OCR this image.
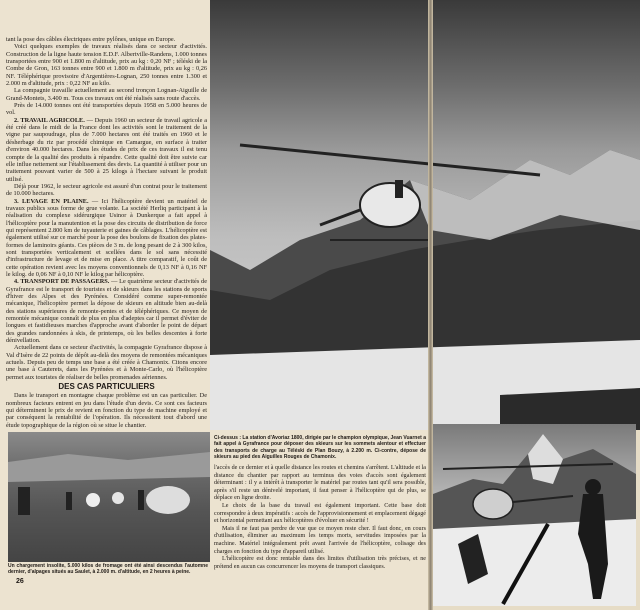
tant la pose des câbles électriques entre pylônes, unique en Europe.

Voici quelques exemples de travaux réalisés dans ce secteur d'activités. Construction de la ligne haute tension E.D.F. Albertville-Randens, 1.000 tonnes transportées entre 900 et 1.800 m d'altitude, prix au kg : 0,20 NF ; téléski de la Combe de Gron, 163 tonnes entre 900 et 1.800 m d'altitude, prix au kg : 0,26 NF. Téléphérique provisoire d'Argentières-Lognan, 250 tonnes entre 1.300 et 2.000 m d'altitude, prix : 0,22 NF au kilo.

La compagnie travaille actuellement au second tronçon Lognan-Aiguille de Grand-Montets, 3.400 m. Tous ces travaux ont été réalisés sans route d'accès.

Près de 14.000 tonnes ont été transportées depuis 1958 en 5.000 heures de vol.

2. TRAVAIL AGRICOLE. — Depuis 1960 un secteur de travail agricole a été créé dans le midi de la France dont les activités sont le traitement de la vigne par saupoudrage, plus de 7.000 hectares ont été traités en 1960 et le désherbage du riz par procédé chimique en Camargue, en surface à traiter d'environ 40.000 hectares. Dans les études de prix de ces travaux il est tenu compte de la qualité des produits à répandre. Cette qualité doit être suivie car elle influe nettement sur l'établissement des devis. La quantité à utiliser pour un traitement pouvant varier de 500 à 25 kilogs à l'hectare suivant le produit utilisé.

Déjà pour 1962, le secteur agricole est assuré d'un contrat pour le traitement de 10.000 hectares.

3. LEVAGE EN PLAINE. — Ici l'hélicoptère devient un matériel de travaux publics sous forme de grue volante. La société Herliq participant à la réalisation du complexe sidérurgique Usinor à Dunkerque a fait appel à l'hélicoptère pour la manutention et la pose des circuits de distribution de force qui représentent 2.800 km de tuyauterie et gaines de câblages. L'hélicoptère est également utilisé sur ce marché pour la pose des boulons de fixation des plates-formes de laminoirs géants. Ces pièces de 3 m. de long pesant de 2 à 300 kilos, sont transportées verticalement et scellées dans le sol sans nécessité d'infrastructure de levage et de mise en place. A titre comparatif, le coût de cette opération revient avec les moyens conventionnels de 0,13 NF à 0,16 NF le kilog. de 0,06 NF à 0,10 NF le kilog par hélicoptère.

4. TRANSPORT DE PASSAGERS. — Le quatrième secteur d'activités de Gyrafrance est le transport de touristes et de skieurs dans les stations de sports d'hiver des Alpes et des Pyrénées. Considéré comme super-remontée mécanique, l'hélicoptère permet la dépose de skieurs en altitude bien au-delà des stations supérieures de remonte-pentes et de téléphériques. Ce moyen de remontée mécanique connaît de plus en plus d'adeptes car il permet d'éviter de longues et fastidieuses marches d'approche avant d'aborder le point de départ des grandes randonnées à skis, de printemps, où les belles descentes à forte dénivellation.

Actuellement dans ce secteur d'activités, la compagnie Gyrafrance dispose à Val d'Isère de 22 points de dépôt au-delà des moyens de remontées mécaniques actuels. Depuis peu de temps une base a été créée à Chamonix. Citons encore une base à Cauterets, dans les Pyrénées et à Monte-Carlo, où l'hélicoptère permet aux touristes de réaliser de belles promenades aériennes.

DES CAS PARTICULIERS

Dans le transport en montagne chaque problème est un cas particulier. De nombreux facteurs entrent en jeu dans l'étude d'un devis. Ce sont ces facteurs qui déterminent le prix de revient en fonction du type de machine employé et par conséquent la rentabilité de l'opération. Ils nécessitent tout d'abord une étude topographique de la région où se situe le chantier.

Un chargement insolite, 5.000 kilos de fromage ont été ainsi descendus l'automne dernier, d'alpages situés au Saulet, à 2.000 m. d'altitude, en 2 heures à peine.
26
Ci-dessus : La station d'Avoriaz 1800, dirigée par le champion olympique, Jean Vuarnet a fait appel à Gyrafrance pour déposer des skieurs sur les sommets alentour et effectuer des transports de charge au Téléski de Plan Bouzy, à 2.200 m. Ci-contre, dépose de skieurs au pied des Aiguilles Rouges de Chamonix.

l'accès de ce dernier et à quelle distance les routes et chemins s'arrêtent. L'altitude et la distance du chantier par rapport au terminus des voies d'accès sont également déterminant : il y a intérêt à transporter le matériel par routes tant qu'il sera possible, après s'il reste un dénivelé important, il faut penser à l'hélicoptère qui de plus, se déplace en ligne droite.

Le choix de la base du travail est également important. Cette base doit correspondre à deux impératifs : accès de l'approvisionnement et emplacement dégagé et horizontal permettant aux hélicoptères d'évoluer en sécurité !

Mais il ne faut pas perdre de vue que ce moyen reste cher. Il faut donc, en cours d'utilisation, éliminer au maximum les temps morts, servitudes imposées par la machine. Matériel intégralement prêt avant l'arrivée de l'hélicoptère, colisage des charges en fonction du type d'appareil utilisé.

L'hélicoptère est donc rentable dans des limites d'utilisation très précises, et ne prétend en aucun cas concurrencer les moyens de transport classiques.
